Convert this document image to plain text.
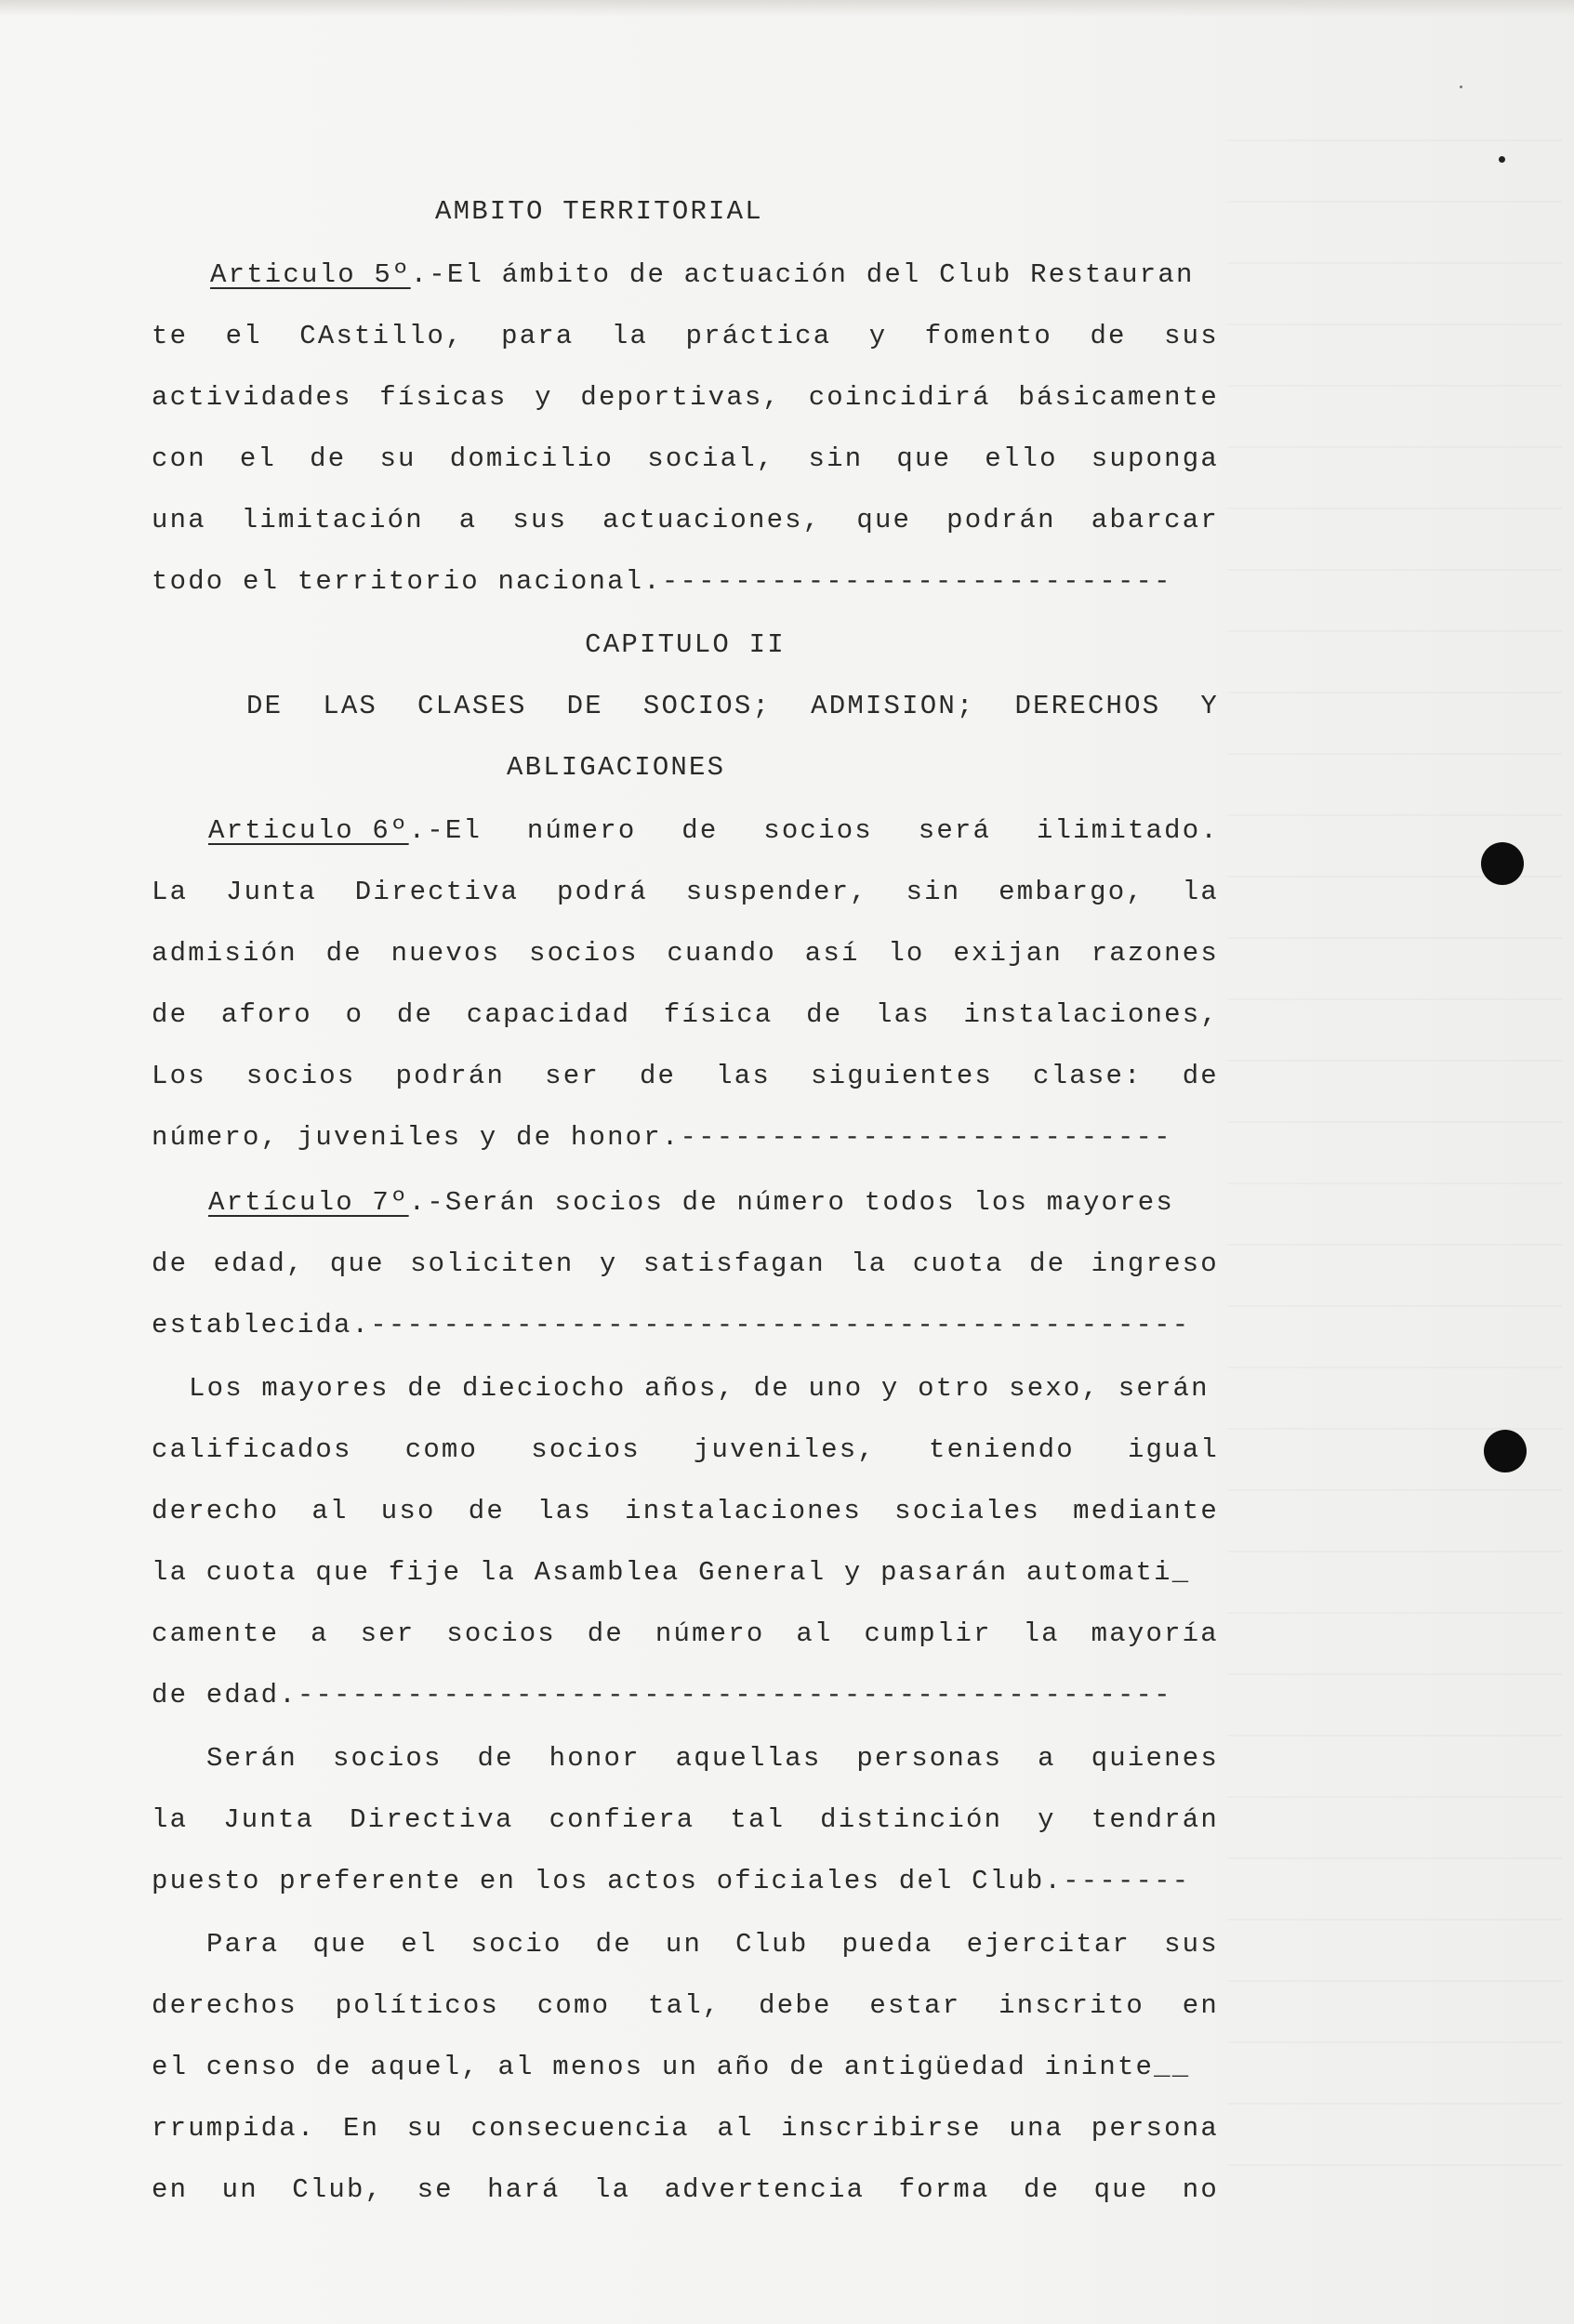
AMBITO TERRITORIAL
Articulo 5º.-El ámbito de actuación del Club Restauran
te el CAstillo, para la práctica y fomento de sus
actividades físicas y deportivas, coincidirá básicamente
con el de su domicilio social, sin que ello suponga
una limitación a sus actuaciones, que podrán abarcar
todo el territorio nacional.----------------------------
CAPITULO II
DE LAS CLASES DE SOCIOS; ADMISION; DERECHOS Y
ABLIGACIONES
Articulo 6º.-El número de socios será ilimitado.
La Junta Directiva podrá suspender, sin embargo, la
admisión de nuevos socios cuando así lo exijan razones
de aforo o de capacidad física de las instalaciones,
Los socios podrán ser de las siguientes clase: de
número, juveniles y de honor.---------------------------
Artículo 7º.-Serán socios de número todos los mayores
de edad, que soliciten y satisfagan la cuota de ingreso
establecida.---------------------------------------------
Los mayores de dieciocho años, de uno y otro sexo, serán
calificados como socios juveniles, teniendo igual
derecho al uso de las instalaciones sociales mediante
la cuota que fije la Asamblea General y pasarán automati_
camente a ser socios de número al cumplir la mayoría
de edad.------------------------------------------------
Serán socios de honor aquellas personas a quienes
la Junta Directiva confiera tal distinción y tendrán
puesto preferente en los actos oficiales del Club.-------
Para que el socio de un Club pueda ejercitar sus
derechos políticos como tal, debe estar inscrito en
el censo de aquel, al menos un año de antigüedad ininte__
rrumpida. En su consecuencia al inscribirse una persona
en un Club, se hará la advertencia forma de que no
